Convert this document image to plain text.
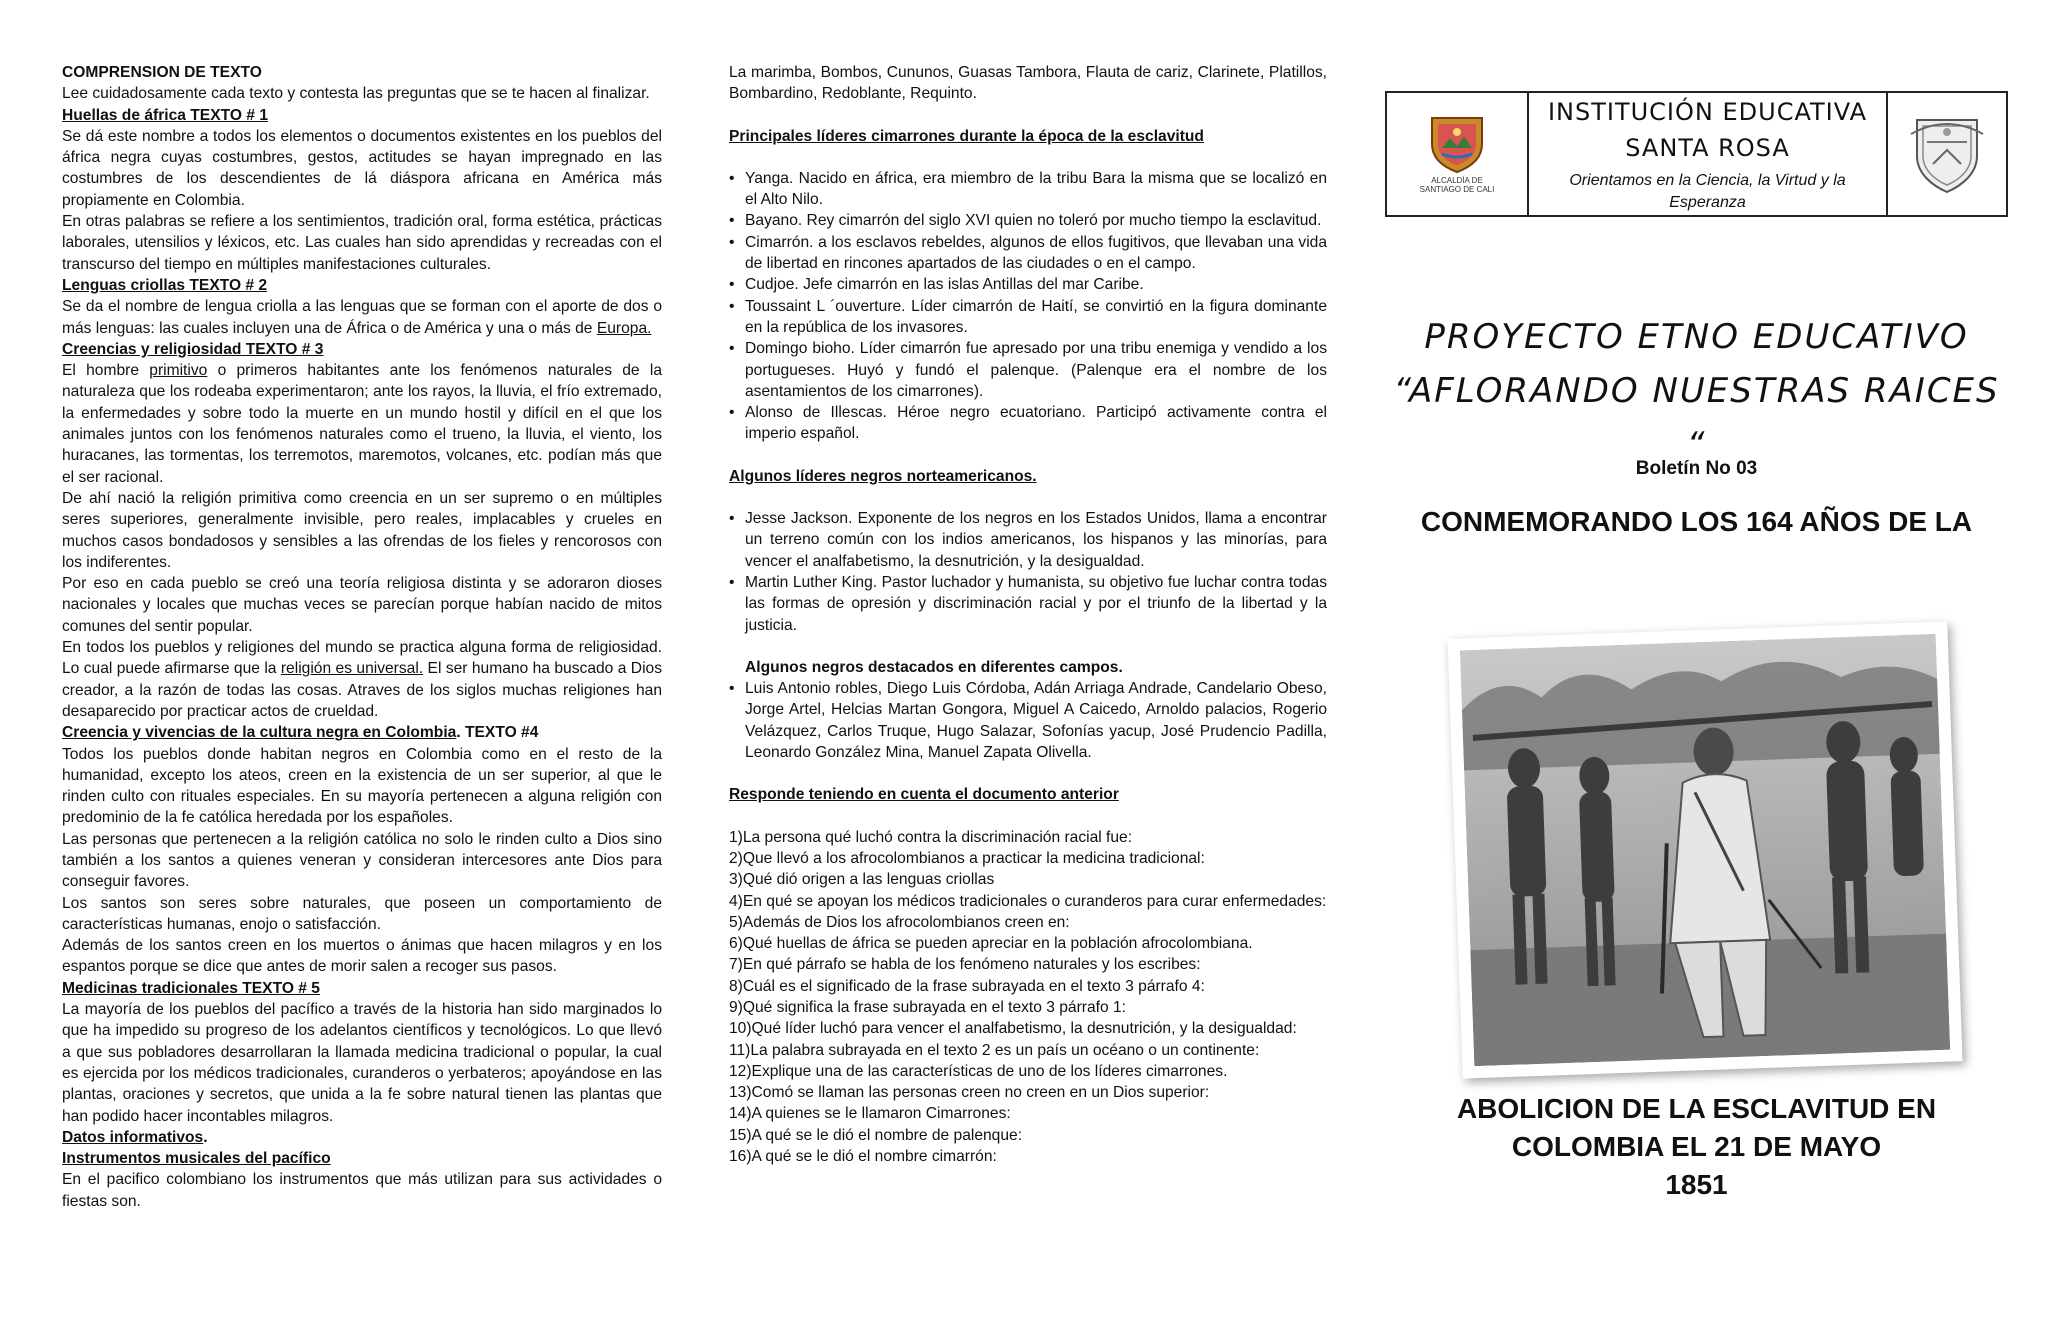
COMPRENSION DE TEXTO

Lee cuidadosamente cada texto y contesta las preguntas que se te hacen al finalizar.

Huellas de áfrica TEXTO # 1

Se dá este nombre a todos los elementos o documentos existentes en los pueblos del áfrica negra cuyas costumbres, gestos, actitudes se hayan impregnado en las costumbres de los descendientes de lá diáspora africana en América más propiamente en Colombia.

En otras palabras se refiere a los sentimientos, tradición oral, forma estética, prácticas laborales, utensilios y léxicos, etc. Las cuales han sido aprendidas y recreadas con el transcurso del tiempo en múltiples manifestaciones culturales.

Lenguas criollas TEXTO # 2

Se da el nombre de lengua criolla a las lenguas que se forman con el aporte de dos o más lenguas: las cuales incluyen una de África o de América y una o más de Europa.

Creencias y religiosidad TEXTO # 3

El hombre primitivo o primeros habitantes ante los fenómenos naturales de la naturaleza que los rodeaba experimentaron; ante los rayos, la lluvia, el frío extremado, la enfermedades y sobre todo la muerte en un mundo hostil y difícil en el que los animales juntos con los fenómenos naturales como el trueno, la lluvia, el viento, los huracanes, las tormentas, los terremotos, maremotos, volcanes, etc. podían más que el ser racional.

De ahí nació la religión primitiva como creencia en un ser supremo o en múltiples seres superiores, generalmente invisible, pero reales, implacables y crueles en muchos casos bondadosos y sensibles a las ofrendas de los fieles y rencorosos con los indiferentes.

Por eso en cada pueblo se creó una teoría religiosa distinta y se adoraron dioses nacionales y locales que muchas veces se parecían porque habían nacido de mitos comunes del sentir popular.

En todos los pueblos y religiones del mundo se practica alguna forma de religiosidad. Lo cual puede afirmarse que la religión es universal. El ser humano ha buscado a Dios creador, a la razón de todas las cosas. Atraves de los siglos muchas religiones han desaparecido por practicar actos de crueldad.

Creencia y vivencias de la cultura negra en Colombia. TEXTO #4

Todos los pueblos donde habitan negros en Colombia como en el resto de la humanidad, excepto los ateos, creen en la existencia de un ser superior, al que le rinden culto con rituales especiales. En su mayoría pertenecen a alguna religión con predominio de la fe católica heredada por los españoles.

Las personas que pertenecen a la religión católica no solo le rinden culto a Dios sino también a los santos a quienes veneran y consideran intercesores ante Dios para conseguir favores.

Los santos son seres sobre naturales, que poseen un comportamiento de características humanas, enojo o satisfacción.

Además de los santos creen en los muertos o ánimas que hacen milagros y en los espantos porque se dice que antes de morir salen a recoger sus pasos.

Medicinas tradicionales TEXTO # 5

La mayoría de los pueblos del pacífico a través de la historia han sido marginados lo que ha impedido su progreso de los adelantos científicos y tecnológicos. Lo que llevó a que sus pobladores desarrollaran la llamada medicina tradicional o popular, la cual es ejercida por los médicos tradicionales, curanderos o yerbateros; apoyándose en las plantas, oraciones y secretos, que unida a la fe sobre natural tienen las plantas que han podido hacer incontables milagros.

Datos informativos.

Instrumentos musicales del pacífico

En el pacifico colombiano los instrumentos que más utilizan para sus actividades o fiestas son.

La marimba, Bombos, Cununos, Guasas Tambora, Flauta de cariz, Clarinete, Platillos, Bombardino, Redoblante, Requinto.

Principales líderes cimarrones durante la época de la esclavitud

• Yanga. Nacido en áfrica, era miembro de la tribu Bara la misma que se localizó en el Alto Nilo.
• Bayano. Rey cimarrón del siglo XVI quien no toleró por mucho tiempo la esclavitud.
• Cimarrón. a los esclavos rebeldes, algunos de ellos fugitivos, que llevaban una vida de libertad en rincones apartados de las ciudades o en el campo.
• Cudjoe. Jefe cimarrón en las islas Antillas del mar Caribe.
• Toussaint L ´ouverture. Líder cimarrón de Haití, se convirtió en la figura dominante en la república de los invasores.
• Domingo bioho. Líder cimarrón fue apresado por una tribu enemiga y vendido a los portugueses. Huyó y fundó el palenque. (Palenque era el nombre de los asentamientos de los cimarrones).
• Alonso de Illescas. Héroe negro ecuatoriano. Participó activamente contra el imperio español.

Algunos líderes negros norteamericanos.

• Jesse Jackson. Exponente de los negros en los Estados Unidos, llama a encontrar un terreno común con los indios americanos, los hispanos y las minorías, para vencer el analfabetismo, la desnutrición, y la desigualdad.
• Martin Luther King. Pastor luchador y humanista, su objetivo fue luchar contra todas las formas de opresión y discriminación racial y por el triunfo de la libertad y la justicia.

Algunos negros destacados en diferentes campos.

• Luis Antonio robles, Diego Luis Córdoba, Adán Arriaga Andrade, Candelario Obeso, Jorge Artel, Helcias Martan Gongora, Miguel A Caicedo, Arnoldo palacios, Rogerio Velázquez, Carlos Truque, Hugo Salazar, Sofonías yacup, José Prudencio Padilla, Leonardo González Mina, Manuel Zapata Olivella.

Responde teniendo en cuenta el documento anterior

1)La persona qué luchó contra la discriminación racial fue:
2)Que llevó a los afrocolombianos a practicar la medicina tradicional:
3)Qué dió origen a las lenguas criollas
4)En qué se apoyan los médicos tradicionales o curanderos para curar enfermedades:
5)Además de Dios los afrocolombianos creen en:
6)Qué huellas de áfrica se pueden apreciar en la población afrocolombiana.
7)En qué párrafo se habla de los fenómeno naturales y los escribes:
8)Cuál es el significado de la frase subrayada en el texto 3 párrafo 4:
9)Qué significa la frase subrayada en el texto 3 párrafo 1:
10)Qué líder luchó para vencer el analfabetismo, la desnutrición, y la desigualdad:
11)La palabra subrayada en el texto 2 es un país un océano o un continente:
12)Explique una de las características de uno de los líderes cimarrones.
13)Comó se llaman las personas creen no creen en un Dios superior:
14)A quienes se le llamaron Cimarrones:
15)A qué se le dió el nombre de palenque:
16)A qué se le dió el nombre cimarrón:
ALCALDÍA DE
SANTIAGO DE CALI
INSTITUCIÓN EDUCATIVA
SANTA ROSA
Orientamos en la Ciencia, la Virtud y la Esperanza
PROYECTO ETNO EDUCATIVO
“AFLORANDO NUESTRAS RAICES “
Boletín No 03
CONMEMORANDO LOS 164 AÑOS DE LA
ABOLICION DE LA ESCLAVITUD EN
COLOMBIA EL 21 DE MAYO
1851
